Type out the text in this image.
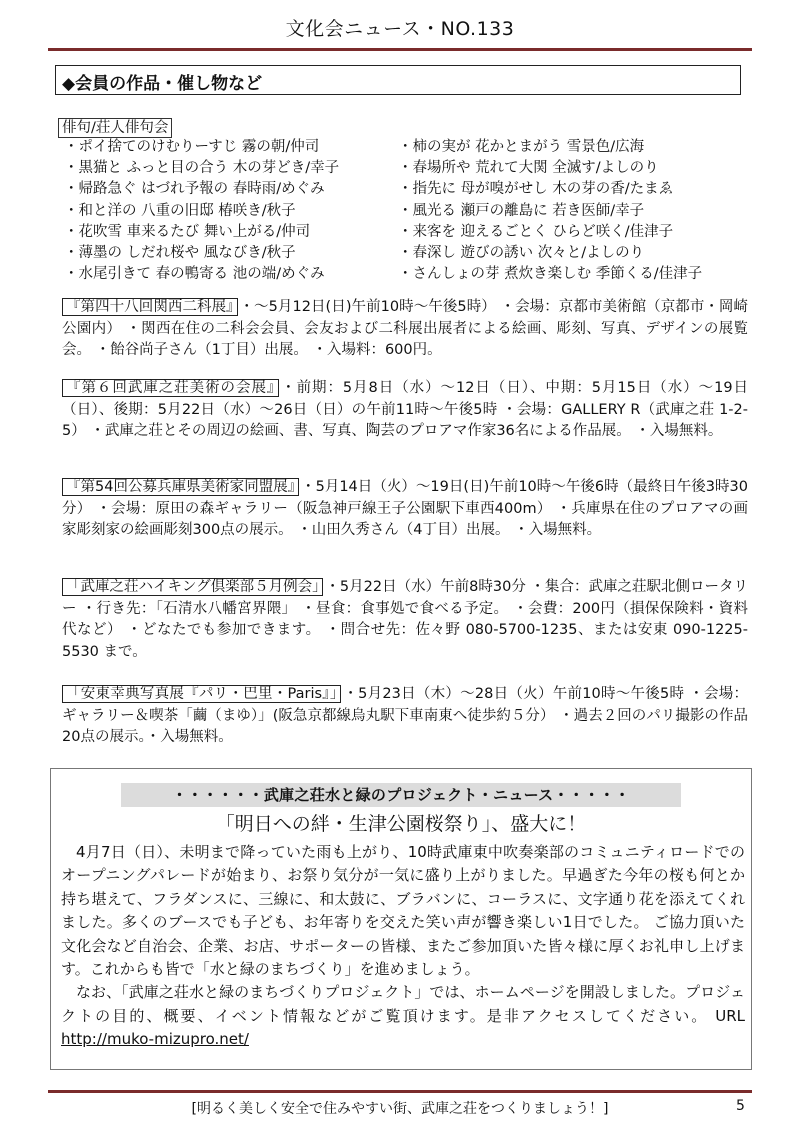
文化会ニュース・NO.133
◆会員の作品・催し物など
俳句/荘人俳句会
・ポイ捨てのけむりーすじ 霧の朝/仲司
・黒猫と ふっと目の合う 木の芽どき/幸子
・帰路急ぐ はづれ予報の 春時雨/めぐみ
・和と洋の 八重の旧邸 椿咲き/秋子
・花吹雪 車来るたび 舞い上がる/仲司
・薄墨の しだれ桜や 風なびき/秋子
・水尾引きて 春の鴨寄る 池の端/めぐみ
・柿の実が 花かとまがう 雪景色/広海
・春場所や 荒れて大関 全滅す/よしのり
・指先に 母が嗅がせし 木の芽の香/たまゑ
・風光る 瀬戸の離島に 若き医師/幸子
・来客を 迎えるごとく ひらど咲く/佳津子
・春深し 遊びの誘い 次々と/よしのり
・さんしょの芽 煮炊き楽しむ 季節くる/佳津子
『第四十八回関西二科展』 ・～5月12日(日)午前10時～午後5時） ・会場：京都市美術館（京都市・岡崎公園内） ・関西在住の二科会会員、会友および二科展出展者による絵画、彫刻、写真、デザインの展覧会。 ・飴谷尚子さん（1丁目）出展。 ・入場料：600円。
『第６回武庫之荘美術の会展』 ・前期：5月8日（水）～12日（日）、中期：5月15日（水）～19日（日）、後期：5月22日（水）～26日（日）の午前11時～午後5時 ・会場：GALLERY R（武庫之荘 1-2-5） ・武庫之荘とその周辺の絵画、書、写真、陶芸のプロアマ作家36名による作品展。 ・入場無料。
『第54回公募兵庫県美術家同盟展』 ・5月14日（火）～19日(日)午前10時～午後6時（最終日午後3時30分） ・会場：原田の森ギャラリー（阪急神戸線王子公園駅下車西400m） ・兵庫県在住のプロアマの画家彫刻家の絵画彫刻300点の展示。 ・山田久秀さん（4丁目）出展。 ・入場無料。
「武庫之荘ハイキング倶楽部５月例会」 ・5月22日（水）午前8時30分 ・集合：武庫之荘駅北側ロータリー ・行き先：「石清水八幡宮界隈」 ・昼食：食事処で食べる予定。 ・会費：200円（損保保険料・資料代など） ・どなたでも参加できます。 ・問合せ先：佐々野 080-5700-1235、または安東 090-1225-5530 まで。
「安東幸典写真展『パリ・巴里・Paris』」 ・5月23日（木）～28日（火）午前10時～午後5時 ・会場：ギャラリー＆喫茶「繭（まゆ）」(阪急京都線烏丸駅下車南東へ徒歩約５分） ・過去２回のパリ撮影の作品20点の展示。・入場無料。
・・・・・・武庫之荘水と緑のプロジェクト・ニュース・・・・・
「明日への絆・生津公園桜祭り」、盛大に！

4月7日（日）、未明まで降っていた雨も上がり、10時武庫東中吹奏楽部のコミュニティロードでのオープニングパレードが始まり、お祭り気分が一気に盛り上がりました。早過ぎた今年の桜も何とか持ち堪えて、フラダンスに、三線に、和太鼓に、ブラバンに、コーラスに、文字通り花を添えてくれました。多くのブースでも子ども、お年寄りを交えた笑い声が響き楽しい1日でした。 ご協力頂いた文化会など自治会、企業、お店、サポーターの皆様、またご参加頂いた皆々様に厚くお礼申し上げます。これからも皆で「水と緑のまちづくり」を進めましょう。

なお、「武庫之荘水と緑のまちづくりプロジェクト」では、ホームページを開設しました。プロジェクトの目的、概要、イベント情報などがご覧頂けます。是非アクセスしてください。 URL http://muko-mizupro.net/

[明るく美しく安全で住みやすい街、武庫之荘をつくりましょう！]	5
